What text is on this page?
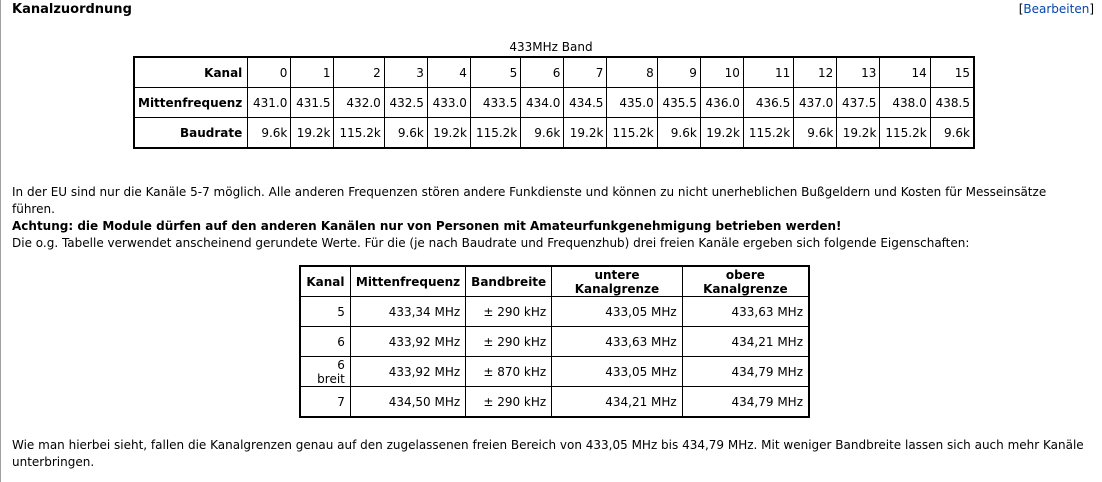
Kanalzuordnung	[Bearbeiten]
433MHz Band
Kanal	0	1	2	3	4	5	6	7	8	9	10	11	12	13	14	15
Mittenfrequenz	431.0	431.5	432.0	432.5	433.0	433.5	434.0	434.5	435.0	435.5	436.0	436.5	437.0	437.5	438.0	438.5
Baudrate	9.6k	19.2k	115.2k	9.6k	19.2k	115.2k	9.6k	19.2k	115.2k	9.6k	19.2k	115.2k	9.6k	19.2k	115.2k	9.6k

In der EU sind nur die Kanäle 5-7 möglich. Alle anderen Frequenzen stören andere Funkdienste und können zu nicht unerheblichen Bußgeldern und Kosten für Messeinsätze führen.
Achtung: die Module dürfen auf den anderen Kanälen nur von Personen mit Amateurfunkgenehmigung betrieben werden!

Die o.g. Tabelle verwendet anscheinend gerundete Werte. Für die (je nach Baudrate und Frequenzhub) drei freien Kanäle ergeben sich folgende Eigenschaften:

Kanal	Mittenfrequenz	Bandbreite	untere Kanalgrenze	obere Kanalgrenze
5	433,34 MHz	± 290 kHz	433,05 MHz	433,63 MHz
6	433,92 MHz	± 290 kHz	433,63 MHz	434,21 MHz
6 breit	433,92 MHz	± 870 kHz	433,05 MHz	434,79 MHz
7	434,50 MHz	± 290 kHz	434,21 MHz	434,79 MHz

Wie man hierbei sieht, fallen die Kanalgrenzen genau auf den zugelassenen freien Bereich von 433,05 MHz bis 434,79 MHz. Mit weniger Bandbreite lassen sich auch mehr Kanäle unterbringen.
